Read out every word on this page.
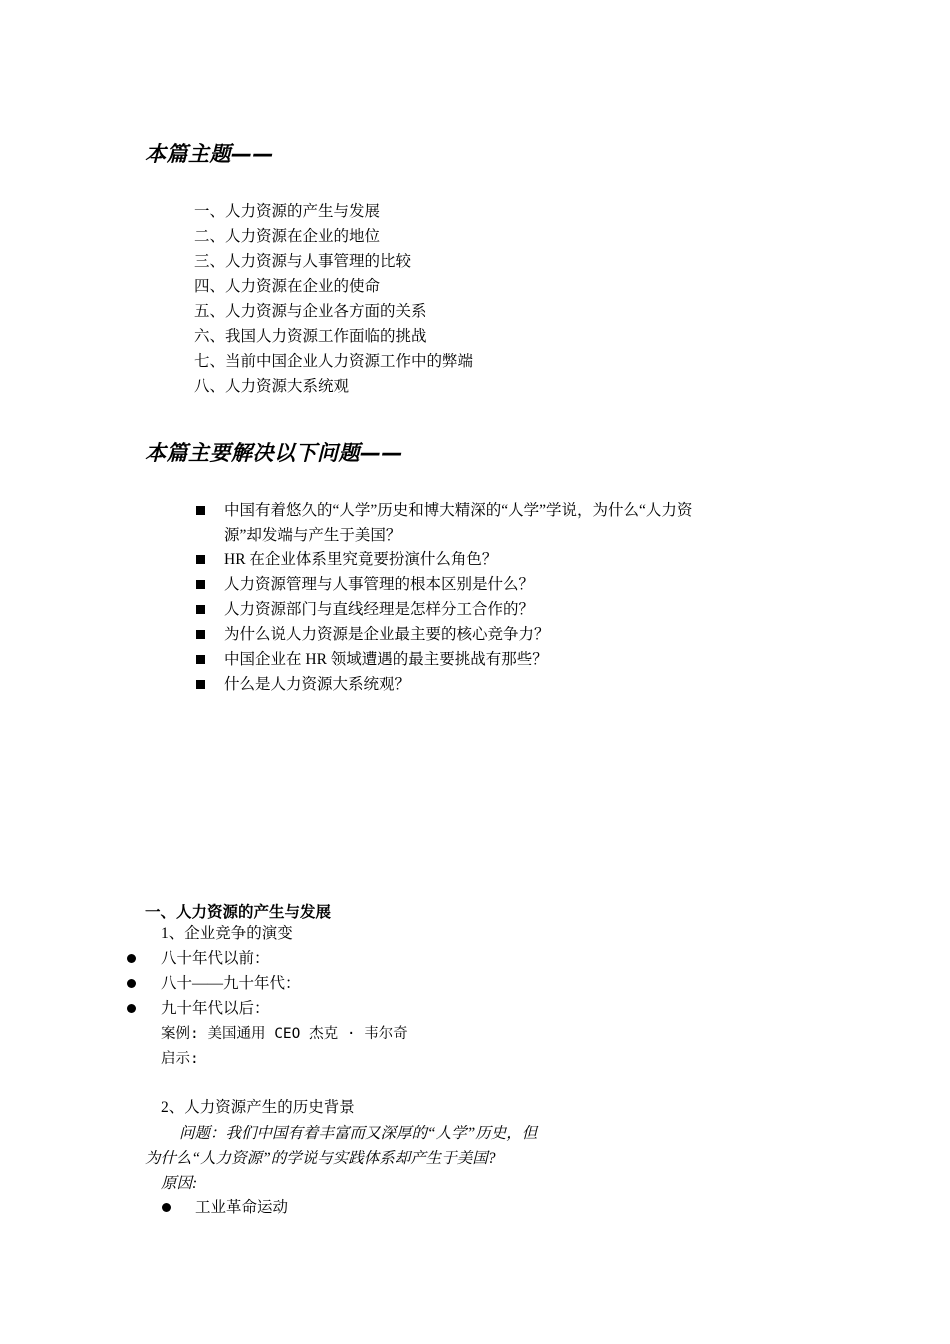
本篇主题——
一、人力资源的产生与发展
二、人力资源在企业的地位
三、人力资源与人事管理的比较
四、人力资源在企业的使命
五、人力资源与企业各方面的关系
六、我国人力资源工作面临的挑战
七、当前中国企业人力资源工作中的弊端
八、人力资源大系统观
本篇主要解决以下问题——
中国有着悠久的“人学”历史和博大精深的“人学”学说，为什么“人力资
源”却发端与产生于美国？
HR 在企业体系里究竟要扮演什么角色？
人力资源管理与人事管理的根本区别是什么？
人力资源部门与直线经理是怎样分工合作的？
为什么说人力资源是企业最主要的核心竞争力？
中国企业在 HR 领域遭遇的最主要挑战有那些？
什么是人力资源大系统观？
一、人力资源的产生与发展
1、企业竞争的演变
八十年代以前：
八十——九十年代：
九十年代以后：
案例: 美国通用 CEO 杰克 · 韦尔奇
启示:
2、人力资源产生的历史背景
问题：我们中国有着丰富而又深厚的“人学”历史，但
为什么“人力资源”的学说与实践体系却产生于美国?
原因:
工业革命运动
